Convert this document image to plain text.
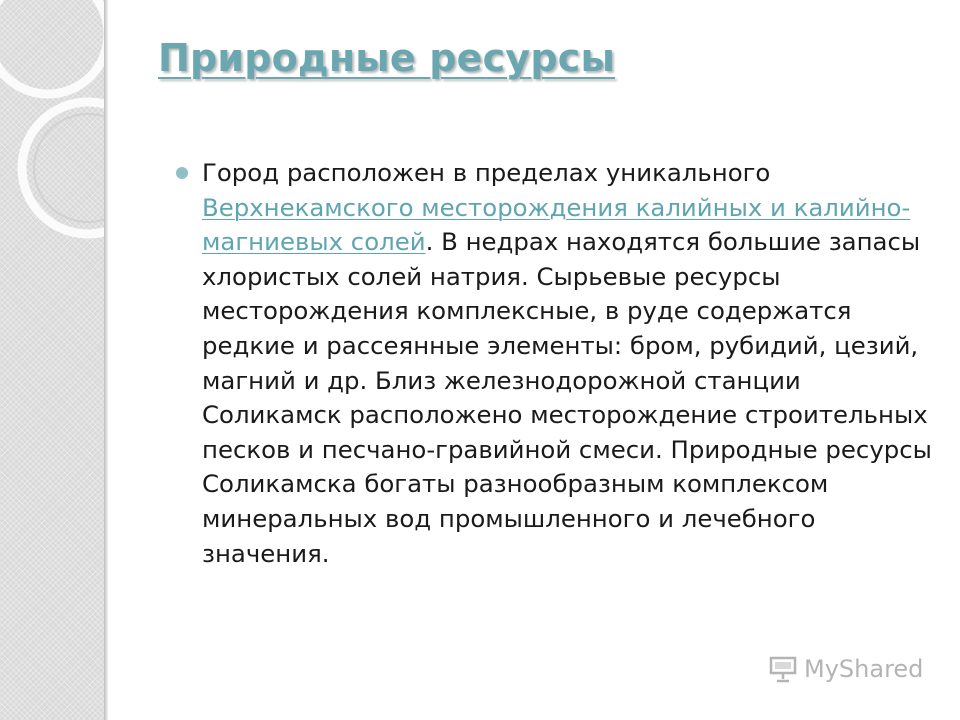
Природные ресурсы

Город расположен в пределах уникального Верхнекамского месторождения калийных и калийно-магниевых солей. В недрах находятся большие запасы хлористых солей натрия. Сырьевые ресурсы месторождения комплексные, в руде содержатся редкие и рассеянные элементы: бром, рубидий, цезий, магний и др. Близ железнодорожной станции Соликамск расположено месторождение строительных песков и песчано-гравийной смеси. Природные ресурсы Соликамска богаты разнообразным комплексом минеральных вод промышленного и лечебного значения.

MyShared
